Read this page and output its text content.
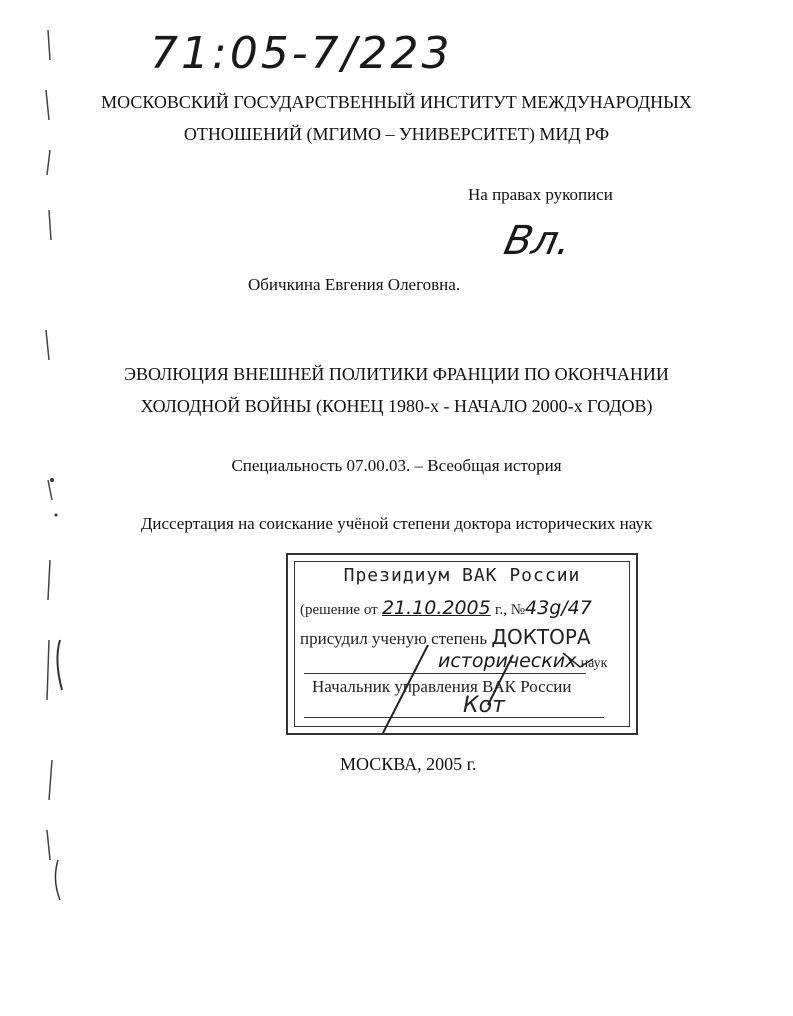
71:05-7/223
МОСКОВСКИЙ ГОСУДАРСТВЕННЫЙ ИНСТИТУТ МЕЖДУНАРОДНЫХ
ОТНОШЕНИЙ (МГИМО – УНИВЕРСИТЕТ) МИД РФ
На правах рукописи
Вл.
Обичкина Евгения Олеговна.
ЭВОЛЮЦИЯ ВНЕШНЕЙ ПОЛИТИКИ ФРАНЦИИ ПО ОКОНЧАНИИ
ХОЛОДНОЙ ВОЙНЫ (КОНЕЦ 1980-х - НАЧАЛО 2000-х ГОДОВ)
Специальность 07.00.03. – Всеобщая история
Диссертация на соискание учёной степени доктора исторических наук
Президиум ВАК России
(решение от 21.10.2005 г., №43g/47
присудил ученую степень ДОКТОРА
исторических наук
Начальник управления ВАК России
Кот
МОСКВА, 2005 г.
